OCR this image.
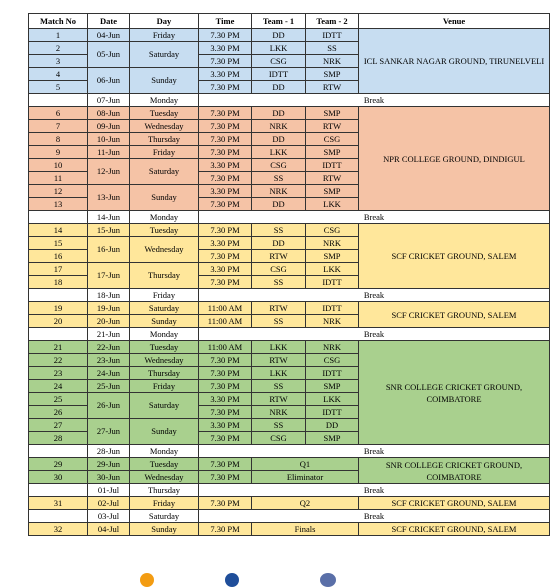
Match No	Date	Day	Time	Team - 1	Team - 2	Venue
1	04-Jun	Friday	7.30 PM	DD	IDTT	ICL SANKAR NAGAR GROUND, TIRUNELVELI
2	05-Jun	Saturday	3.30 PM	LKK	SS	
3			7.30 PM	CSG	NRK	
4	06-Jun	Sunday	3.30 PM	IDTT	SMP	
5			7.30 PM	DD	RTW	
	07-Jun	Monday	Break			
6	08-Jun	Tuesday	7.30 PM	DD	SMP	NPR COLLEGE GROUND, DINDIGUL
7	09-Jun	Wednesday	7.30 PM	NRK	RTW	
8	10-Jun	Thursday	7.30 PM	DD	CSG	
9	11-Jun	Friday	7.30 PM	LKK	SMP	
10	12-Jun	Saturday	3.30 PM	CSG	IDTT	
11			7.30 PM	SS	RTW	
12	13-Jun	Sunday	3.30 PM	NRK	SMP	
13			7.30 PM	DD	LKK	
	14-Jun	Monday	Break			
14	15-Jun	Tuesday	7.30 PM	SS	CSG	SCF CRICKET GROUND, SALEM
15	16-Jun	Wednesday	3.30 PM	DD	NRK	
16			7.30 PM	RTW	SMP	
17	17-Jun	Thursday	3.30 PM	CSG	LKK	
18			7.30 PM	SS	IDTT	
	18-Jun	Friday	Break			
19	19-Jun	Saturday	11:00 AM	RTW	IDTT	SCF CRICKET GROUND, SALEM
20	20-Jun	Sunday	11:00 AM	SS	NRK	
	21-Jun	Monday	Break			
21	22-Jun	Tuesday	11:00 AM	LKK	NRK	SNR COLLEGE CRICKET GROUND, COIMBATORE
22	23-Jun	Wednesday	7.30 PM	RTW	CSG	
23	24-Jun	Thursday	7.30 PM	LKK	IDTT	
24	25-Jun	Friday	7.30 PM	SS	SMP	
25	26-Jun	Saturday	3.30 PM	RTW	LKK	
26			7.30 PM	NRK	IDTT	
27	27-Jun	Sunday	3.30 PM	SS	DD	
28			7.30 PM	CSG	SMP	
	28-Jun	Monday	Break			
29	29-Jun	Tuesday	7.30 PM	Q1		SNR COLLEGE CRICKET GROUND, COIMBATORE
30	30-Jun	Wednesday	7.30 PM	Eliminator		
	01-Jul	Thursday	Break			
31	02-Jul	Friday	7.30 PM	Q2		SCF CRICKET GROUND, SALEM
	03-Jul	Saturday	Break			
32	04-Jul	Sunday	7.30 PM	Finals		SCF CRICKET GROUND, SALEM
